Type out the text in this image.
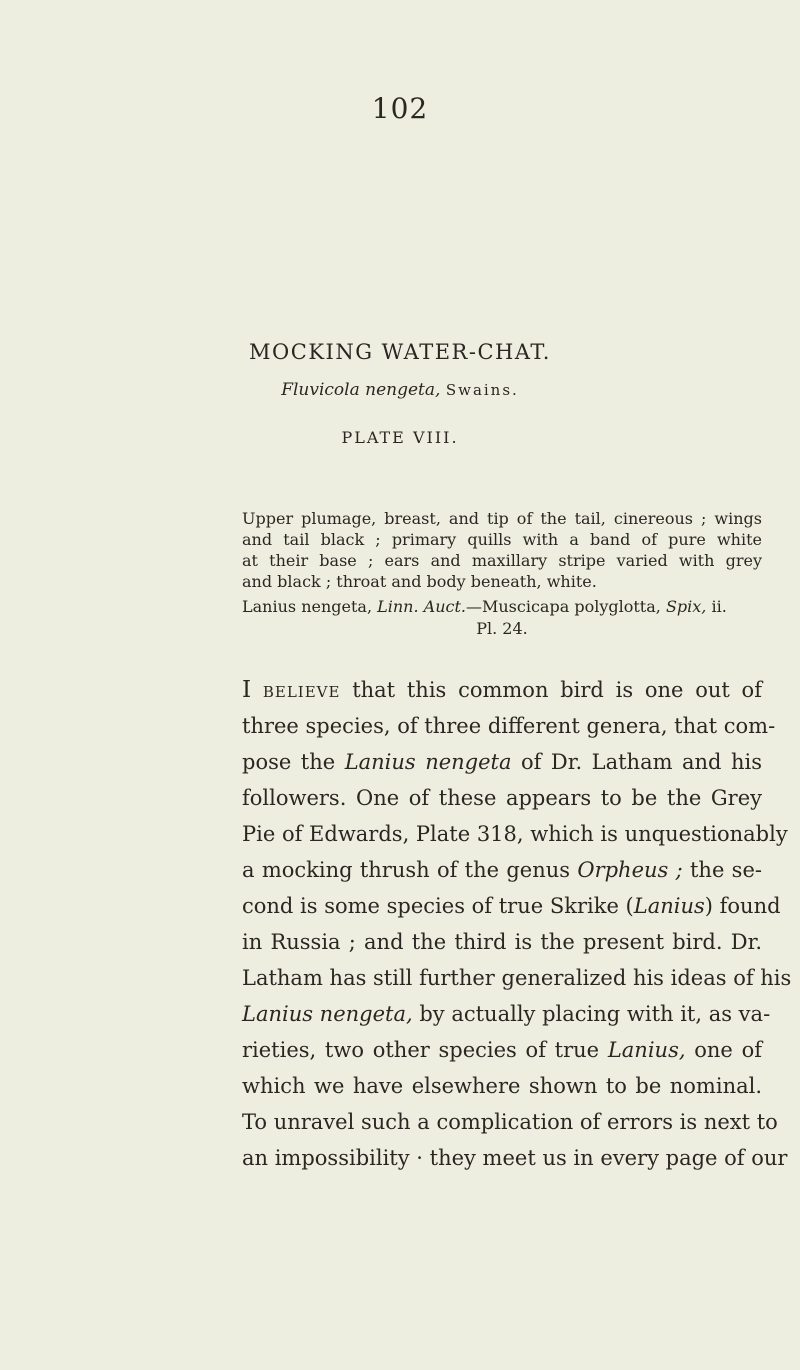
102
MOCKING WATER-CHAT.
Fluvicola nengeta, Swains.
PLATE VIII.
Upper plumage, breast, and tip of the tail, cinereous ; wings
and tail black ; primary quills with a band of pure white
at their base ; ears and maxillary stripe varied with grey
and black ; throat and body beneath, white.
Lanius nengeta, Linn. Auct.—Muscicapa polyglotta, Spix, ii.
Pl. 24.
I believe that this common bird is one out of
three species, of three different genera, that com-
pose the Lanius nengeta of Dr. Latham and his
followers. One of these appears to be the Grey
Pie of Edwards, Plate 318, which is unquestionably
a mocking thrush of the genus Orpheus ; the se-
cond is some species of true Skrike (Lanius) found
in Russia ; and the third is the present bird. Dr.
Latham has still further generalized his ideas of his
Lanius nengeta, by actually placing with it, as va-
rieties, two other species of true Lanius, one of
which we have elsewhere shown to be nominal.
To unravel such a complication of errors is next to
an impossibility · they meet us in every page of our
